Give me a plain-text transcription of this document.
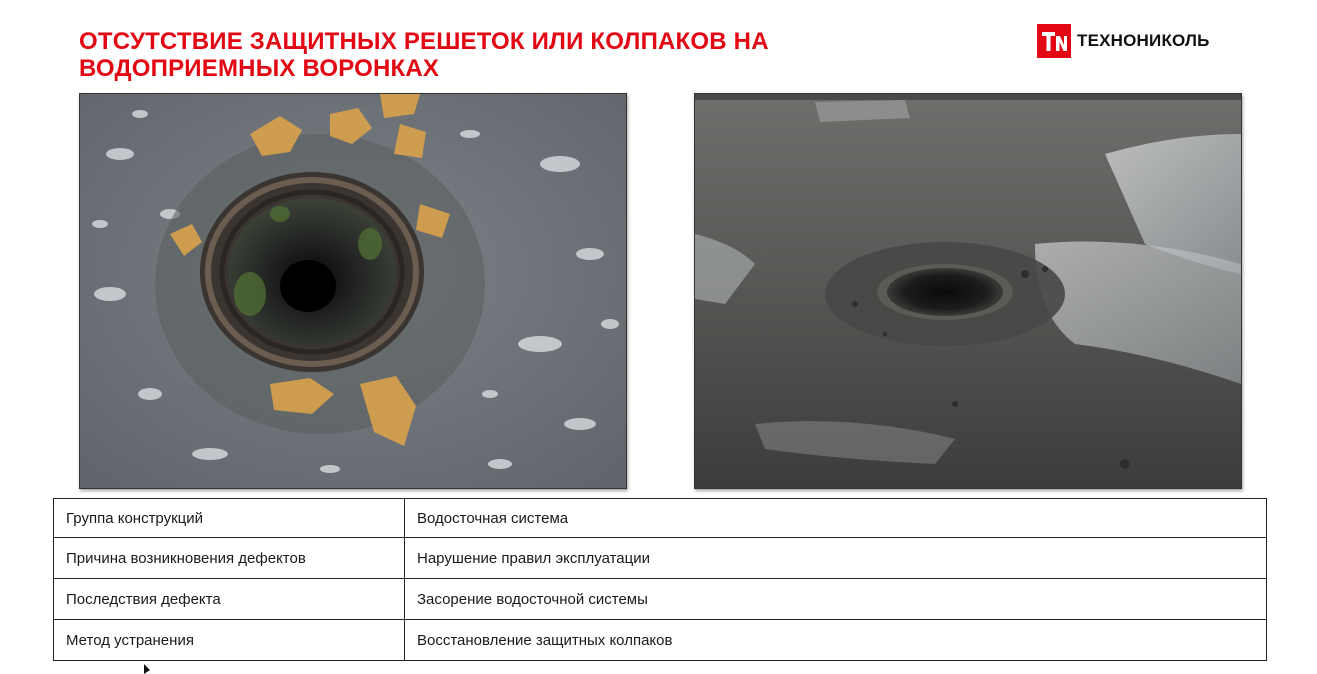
ОТСУТСТВИЕ ЗАЩИТНЫХ РЕШЕТОК ИЛИ КОЛПАКОВ НА
ВОДОПРИЕМНЫХ ВОРОНКАХ
ТЕХНОНИКОЛЬ
Группа конструкций	Водосточная система
Причина возникновения дефектов	Нарушение правил эксплуатации
Последствия дефекта	Засорение водосточной системы
Метод устранения	Восстановление защитных колпаков
